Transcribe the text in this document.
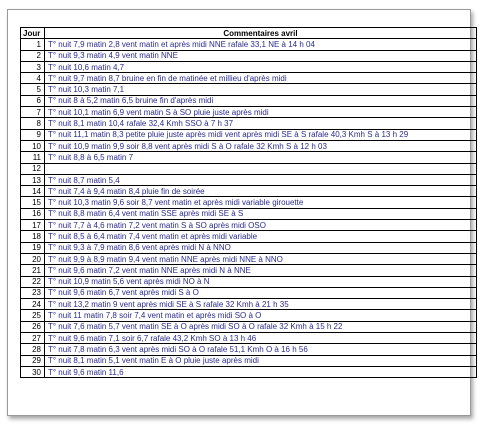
Jour	Commentaires avril
1	T° nuit 7,9 matin 2,8 vent matin et après midi NNE rafale 33,1 NE à 14 h 04
2	T° nuit 9,3 matin 4,9 vent matin NNE
3	T° nuit 10,6 matin 4,7
4	T° nuit 9,7 matin 8,7 bruine en fin de matinée et millieu d'après midi
5	T° nuit 10,3 matin 7,1
6	T° nuit 8 à 5,2 matin 6,5 bruine fin d'après midi
7	T° nuit 10,1 matin 6,9 vent matin S à SO pluie juste après midi
8	T° nuit 8,1 matin 10,4 rafale 32,4 Kmh SSO à 7 h 37
9	T° nuit 11,1 matin 8,3 petite pluie juste après midi vent après midi SE à S rafale 40,3 Kmh S à 13 h 29
10	T° nuit 10,9 matin 9,9 soir 8,8 vent après midi S à O rafale 32 Kmh S à 12 h 03
11	T° nuit 8,8 à 6,5 matin 7
12	
13	T° nuit 8,7 matin 5,4
14	T° nuit 7,4 à 9,4 matin 8,4 pluie fin de soirée
15	T° nuit 10,3 matin 9,6 soir 8,7 vent matin et après midi variable girouette
16	T° nuit 8,8 matin 6,4 vent matin SSE après midi SE à S
17	T° nuit 7,7 à 4,6 matin 7,2 vent matin S à SO après midi OSO
18	T° nuit 8,5 à 6,4 matin 7,4 vent matin et après midi variable
19	T° nuit 9,3 à 7,9 matin 8,6 vent après midi N à NNO
20	T° nuit 9,9 à 8,9 matin 9,4 vent matin NNE après midi NNE à NNO
21	T° nuit 9,6 matin 7,2 vent matin NNE après midi N à NNE
22	T° nuit 10,9 matin 5,6 vent après midi NO à N
23	T° nuit 9,6 matin 6,7 vent après midi S à O
24	T° nuit 13,2 matin 9 vent après midi SE à S rafale 32 Kmh à 21 h 35
25	T° nuit 11 matin 7,8 soir 7,4 vent matin et après midi SO à O
26	T° nuit 7,6 matin 5,7 vent matin SE à O après midi SO à O rafale 32 Kmh à 15 h 22
27	T° nuit 9,6 matin 7,1 soir 6,7 rafale 43,2 Kmh SO à 13 h 46
28	T° nuit 7,8 matin 6,3 vent après midi SO à O rafale 51,1 Kmh O à 16 h 56
29	T° nuit 8,1 matin 5,1 vent matin E à O pluie juste après midi
30	T° nuit 9,6 matin 11,6
